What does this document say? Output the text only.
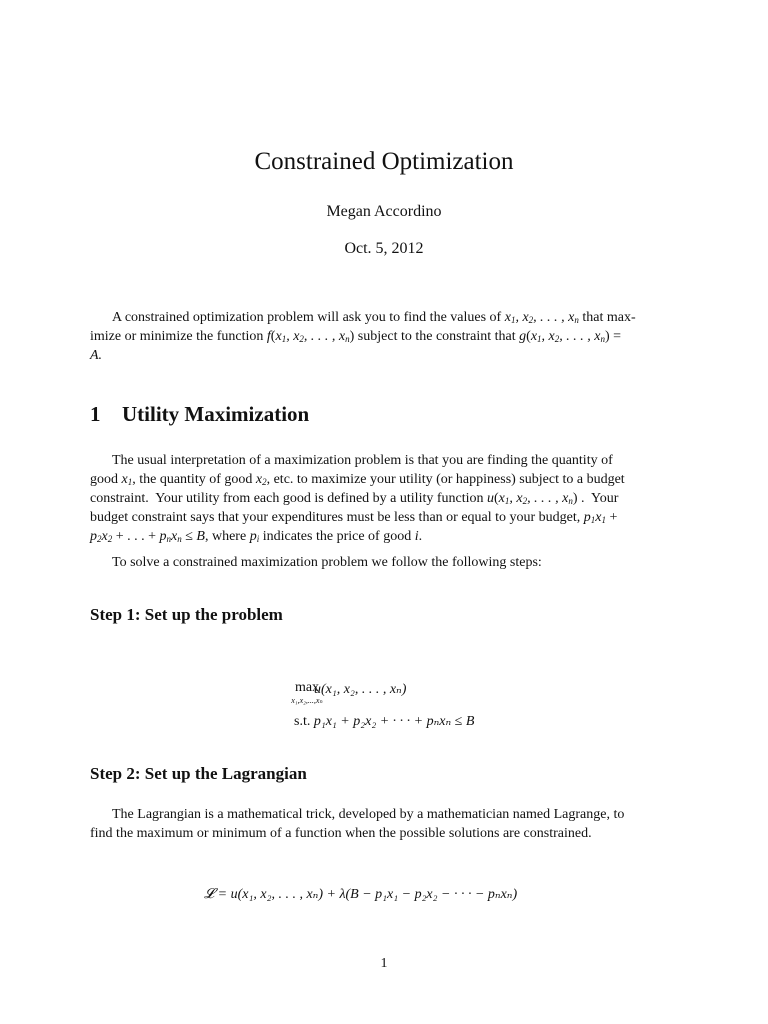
Constrained Optimization
Megan Accordino
Oct. 5, 2012
A constrained optimization problem will ask you to find the values of $x_1$, $x_2$, . . . , $x_n$ that max-
imize or minimize the function $f(x_1$, $x_2$, . . . , $x_n$) subject to the constraint that $g(x_1$, $x_2$, . . . , $x_n$) =
A.
1 Utility Maximization
The usual interpretation of a maximization problem is that you are finding the quantity of
good $x_1$, the quantity of good $x_2$, etc. to maximize your utility (or happiness) subject to a budget
constraint.  Your utility from each good is defined by a utility function $u(x_1$, $x_2$, . . . , $x_n$) .  Your
budget constraint says that your expenditures must be less than or equal to your budget, $p_1x_1$ +
$p_2x_2$ + . . . + $p_nx_n \le B$, where $p_i$ indicates the price of good i.
To solve a constrained maximization problem we follow the following steps:
Step 1: Set up the problem
max
x₁,x₂,...,xₙ
u(x₁, x₂, . . . , xₙ)
s.t. p₁x₁ + p₂x₂ + · · · + pₙxₙ ≤ B
Step 2: Set up the Lagrangian
The Lagrangian is a mathematical trick, developed by a mathematician named Lagrange, to
find the maximum or minimum of a function when the possible solutions are constrained.
𝓛 = u(x₁, x₂, . . . , xₙ) + λ(B − p₁x₁ − p₂x₂ − · · · − pₙxₙ)
1
